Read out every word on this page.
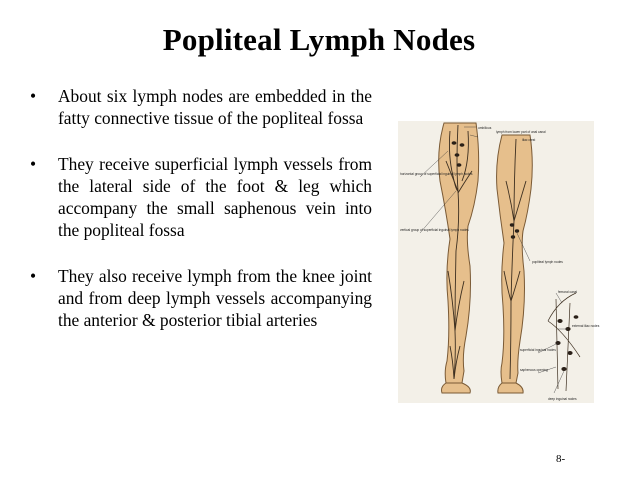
Popliteal Lymph Nodes
•	About six lymph nodes are embedded in the fatty connective tissue of the popliteal fossa
•	They receive superficial lymph vessels from the lateral side of the foot & leg which accompany the small saphenous vein into the popliteal fossa
•	They also receive lymph from the knee joint and from deep lymph vessels accompanying the anterior & posterior tibial arteries
umbilicus
lymph from lower part of anal canal
iliac crest
horizontal group of superficial inguinal lymph nodes
vertical group of superficial inguinal lymph nodes
popliteal lymph nodes
femoral canal
external iliac nodes
superficial inguinal nodes
saphenous opening
deep inguinal nodes
8-
